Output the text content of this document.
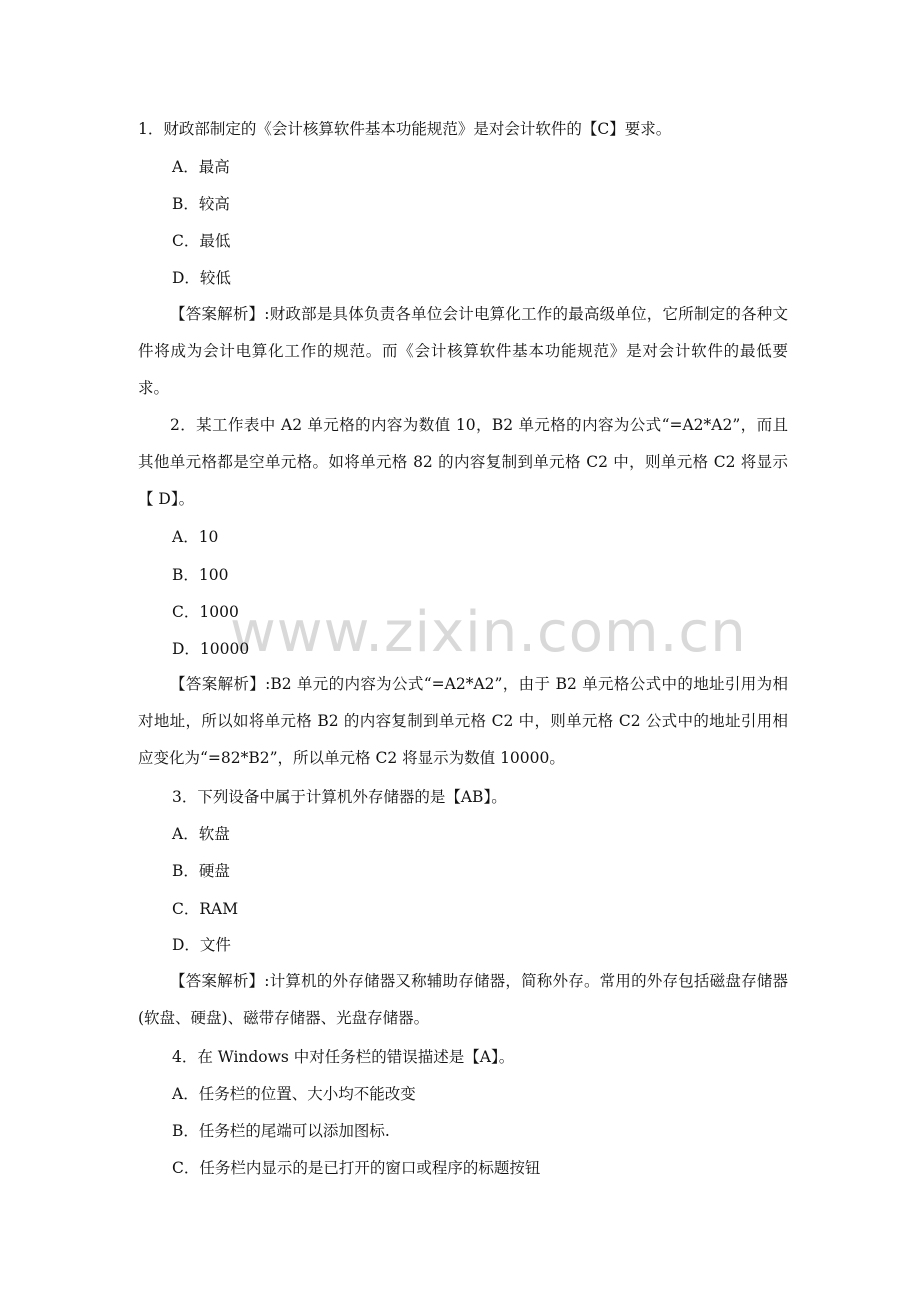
www.zixin.com.cn
1．财政部制定的《会计核算软件基本功能规范》是对会计软件的【C】要求。
A．最高
B．较高
C．最低
D．较低
【答案解析】:财政部是具体负责各单位会计电算化工作的最高级单位，它所制定的各种文件将成为会计电算化工作的规范。而《会计核算软件基本功能规范》是对会计软件的最低要求。
2．某工作表中 A2 单元格的内容为数值 10，B2 单元格的内容为公式“=A2*A2”，而且其他单元格都是空单元格。如将单元格 82 的内容复制到单元格 C2 中，则单元格 C2 将显示【 D】。
A．10
B．100
C．1000
D．10000
【答案解析】:B2 单元的内容为公式“=A2*A2”，由于 B2 单元格公式中的地址引用为相对地址，所以如将单元格 B2 的内容复制到单元格 C2 中，则单元格 C2 公式中的地址引用相应变化为“=82*B2”，所以单元格 C2 将显示为数值 10000。
3．下列设备中属于计算机外存储器的是【AB】。
A．软盘
B．硬盘
C．RAM
D．文件
【答案解析】:计算机的外存储器又称辅助存储器，简称外存。常用的外存包括磁盘存储器(软盘、硬盘)、磁带存储器、光盘存储器。
4．在 Windows 中对任务栏的错误描述是【A】。
A．任务栏的位置、大小均不能改变
B．任务栏的尾端可以添加图标.
C．任务栏内显示的是已打开的窗口或程序的标题按钮
